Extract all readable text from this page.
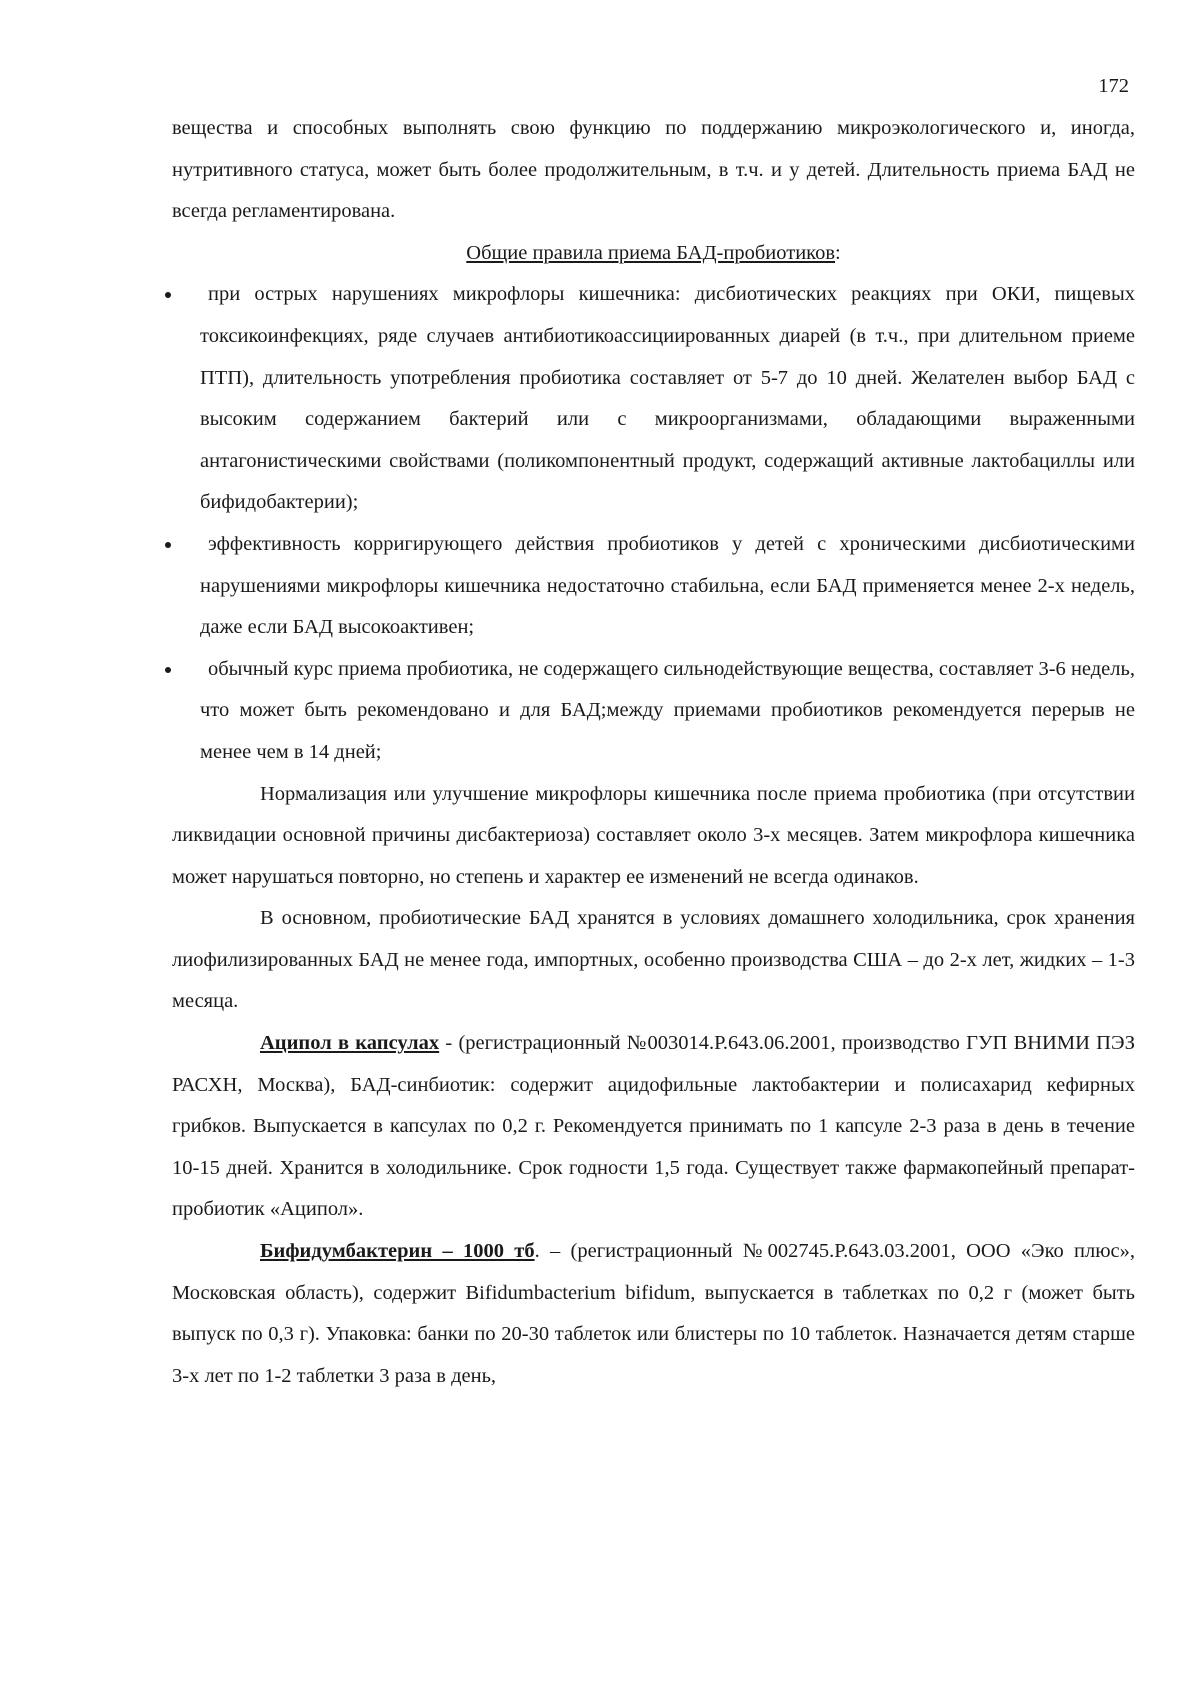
172

вещества и способных выполнять свою функцию по поддержанию микроэкологического и, иногда, нутритивного статуса, может быть более продолжительным, в т.ч. и у детей. Длительность приема БАД не всегда регламентирована.

Общие правила приема БАД-пробиотиков:

при острых нарушениях микрофлоры кишечника: дисбиотических реакциях при ОКИ, пищевых токсикоинфекциях, ряде случаев антибиотикоассициированных диарей (в т.ч., при длительном приеме ПТП), длительность употребления пробиотика составляет от 5-7 до 10 дней. Желателен выбор БАД с высоким содержанием бактерий или с микроорганизмами, обладающими выраженными антагонистическими свойствами (поликомпонентный продукт, содержащий активные лактобациллы или бифидобактерии);
эффективность корригирующего действия пробиотиков у детей с хроническими дисбиотическими нарушениями микрофлоры кишечника недостаточно стабильна, если БАД применяется менее 2-х недель, даже если БАД высокоактивен;
обычный курс приема пробиотика, не содержащего сильнодействующие вещества, составляет 3-6 недель, что может быть рекомендовано и для БАД;между приемами пробиотиков рекомендуется перерыв не менее чем в 14 дней;

Нормализация или улучшение микрофлоры кишечника после приема пробиотика (при отсутствии ликвидации основной причины дисбактериоза) составляет около 3-х месяцев. Затем микрофлора кишечника может нарушаться повторно, но степень и характер ее изменений не всегда одинаков.

В основном, пробиотические БАД хранятся в условиях домашнего холодильника, срок хранения лиофилизированных БАД не менее года, импортных, особенно производства США – до 2-х лет, жидких – 1-3 месяца.

Аципол в капсулах - (регистрационный №003014.Р.643.06.2001, производство ГУП ВНИМИ ПЭЗ РАСХН, Москва), БАД-синбиотик: содержит ацидофильные лактобактерии и полисахарид кефирных грибков. Выпускается в капсулах по 0,2 г. Рекомендуется принимать по 1 капсуле 2-3 раза в день в течение 10-15 дней. Хранится в холодильнике. Срок годности 1,5 года. Существует также фармакопейный препарат-пробиотик «Аципол».

Бифидумбактерин – 1000 тб. – (регистрационный №002745.Р.643.03.2001, ООО «Эко плюс», Московская область), содержит Bifidumbacterium bifidum, выпускается в таблетках по 0,2 г (может быть выпуск по 0,3 г). Упаковка: банки по 20-30 таблеток или блистеры по 10 таблеток. Назначается детям старше 3-х лет по 1-2 таблетки 3 раза в день,
